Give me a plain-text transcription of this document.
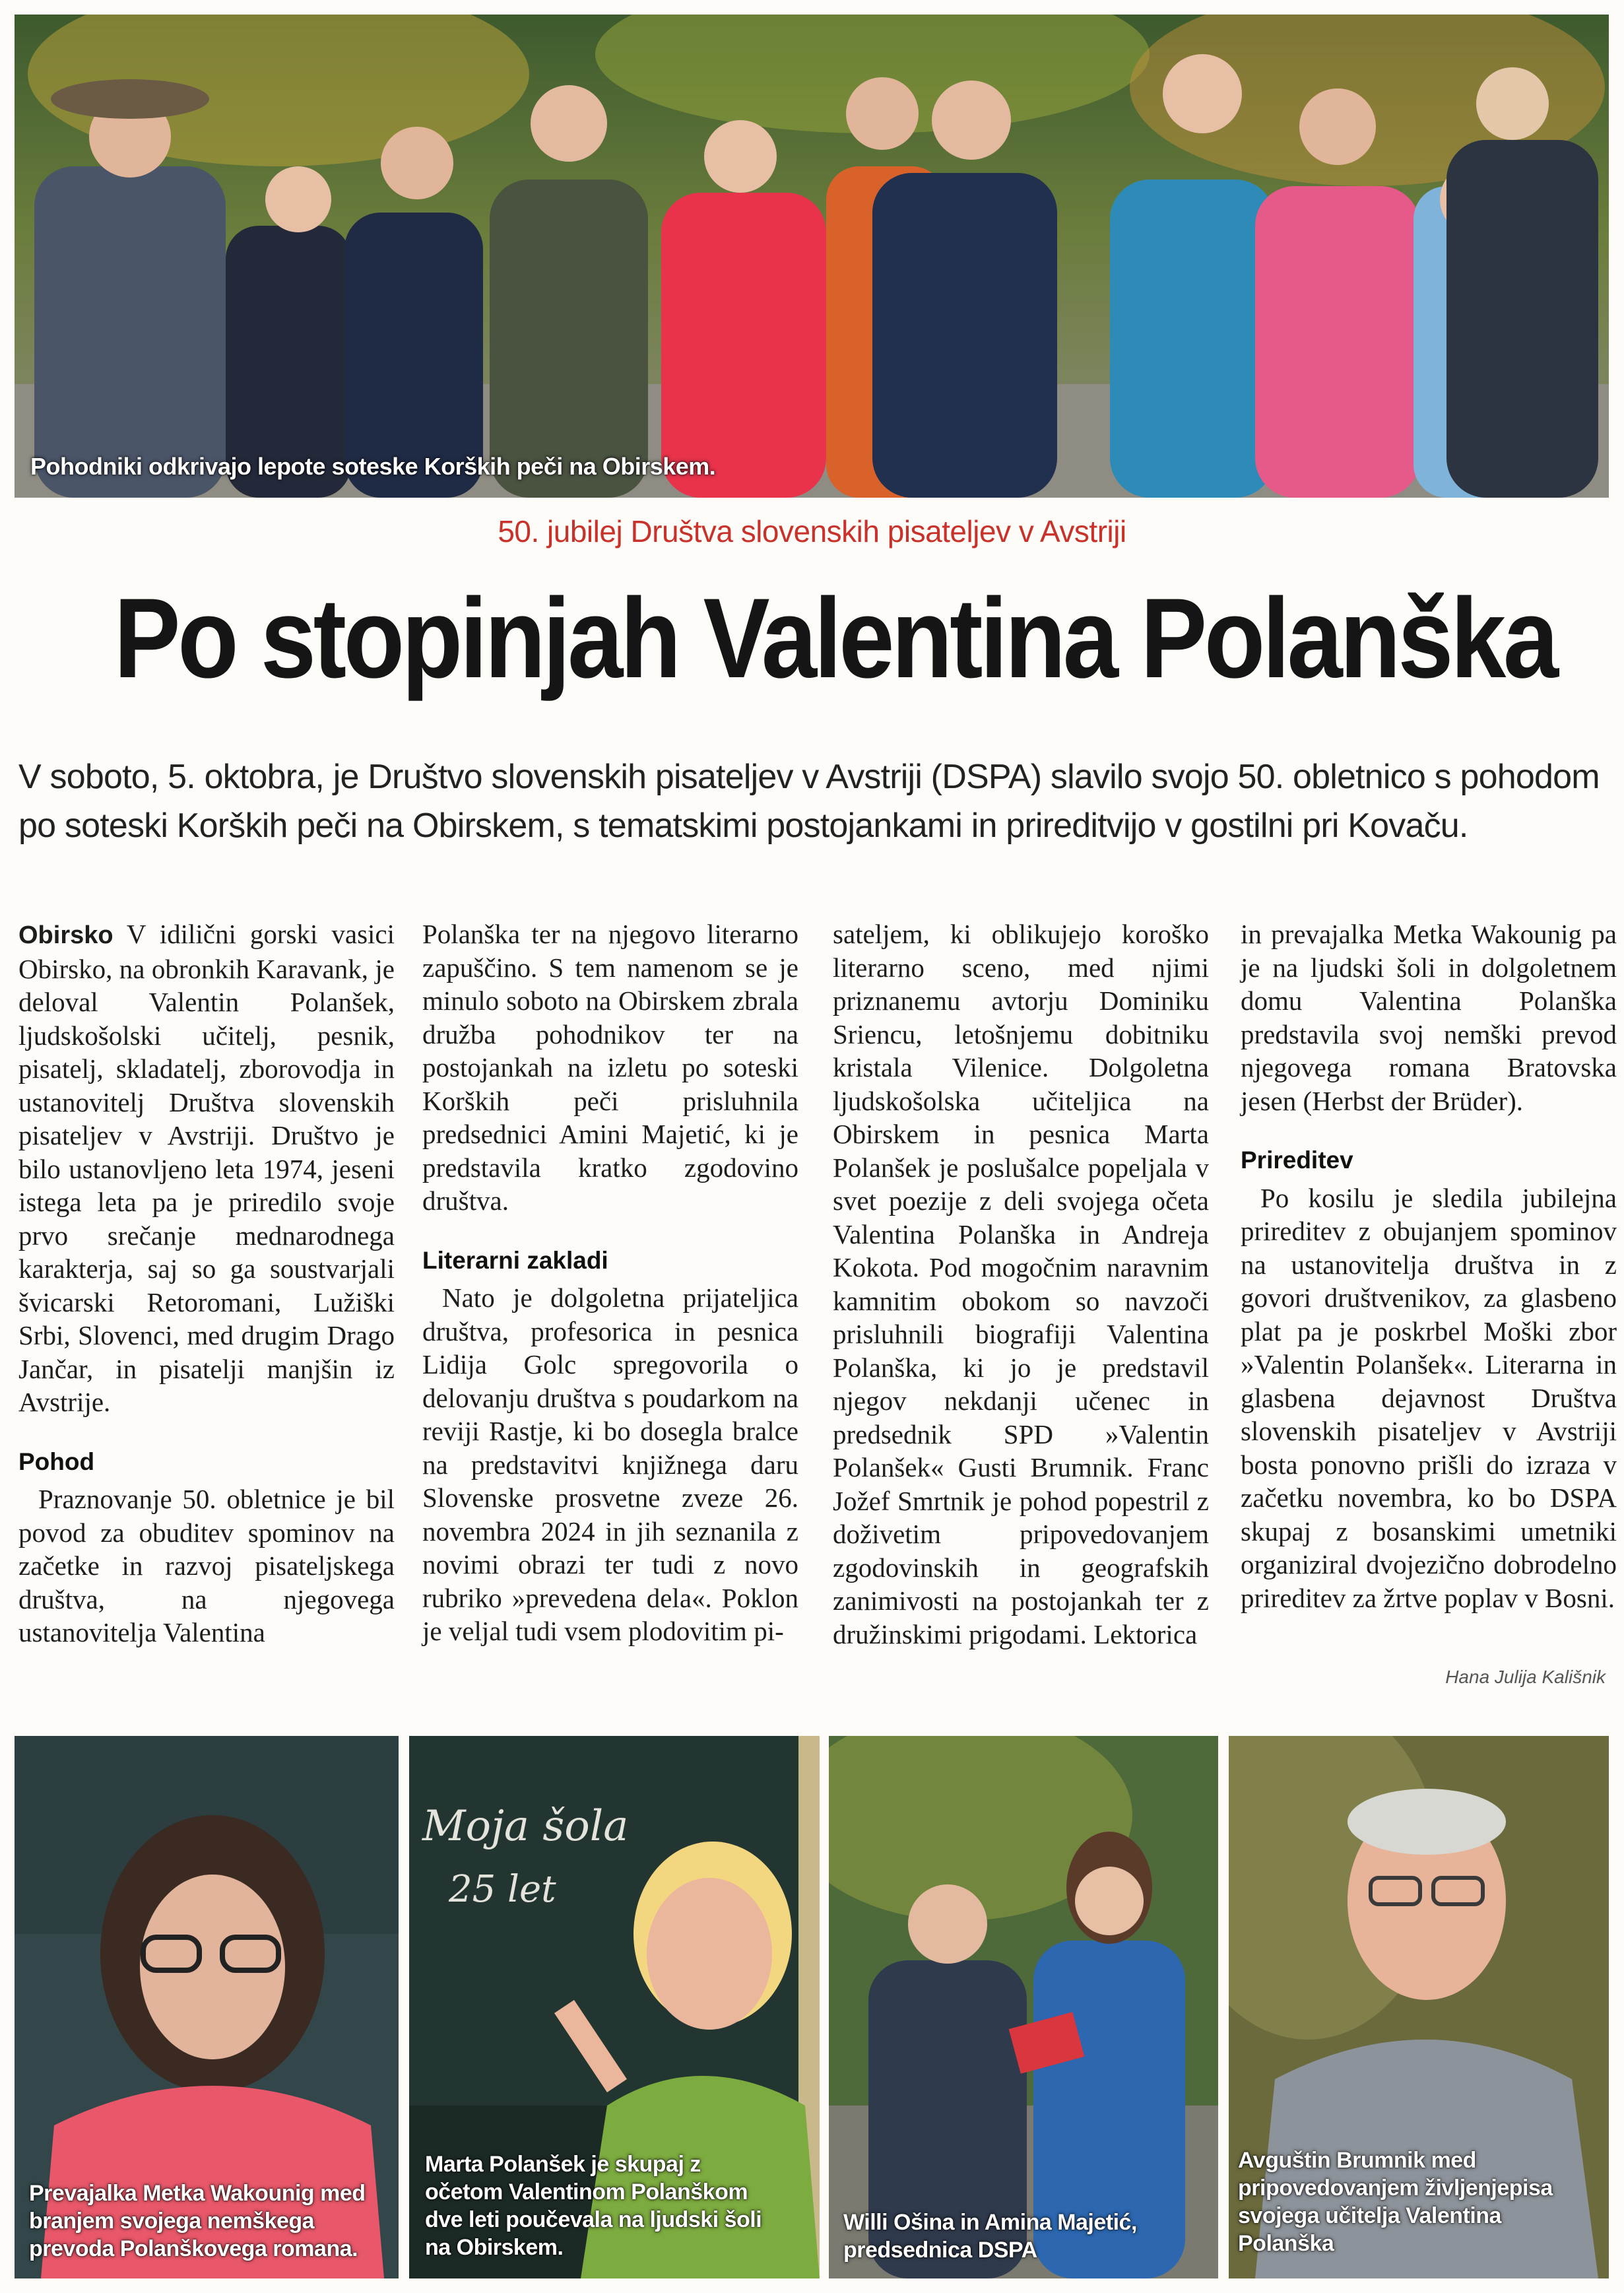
Pohodniki odkrivajo lepote soteske Korških peči na Obirskem.
50. jubilej Društva slovenskih pisateljev v Avstriji
Po stopinjah Valentina Polanška
V soboto, 5. oktobra, je Društvo slovenskih pisateljev v Avstriji (DSPA) slavilo svojo 50. obletnico s pohodom po soteski Korških peči na Obirskem, s tematskimi postojankami in prireditvijo v gostilni pri Kovaču.

Obirsko V idilični gorski vasici Obirsko, na obronkih Karavank, je deloval Valentin Polanšek, ljudskošolski učitelj, pesnik, pisatelj, skladatelj, zborovodja in ustanovitelj Društva slovenskih pisateljev v Avstriji. Društvo je bilo ustanovljeno leta 1974, jeseni istega leta pa je priredilo svoje prvo srečanje mednarodnega karakterja, saj so ga soustvarjali švicarski Retoromani, Lužiški Srbi, Slovenci, med drugim Drago Jančar, in pisatelji manjšin iz Avstrije.

Pohod

Praznovanje 50. obletnice je bil povod za obuditev spominov na začetke in razvoj pisateljskega društva, na njegovega ustanovitelja Valentina

Polanška ter na njegovo literarno zapuščino. S tem namenom se je minulo soboto na Obirskem zbrala družba pohodnikov ter na postojankah na izletu po soteski Korških peči prisluhnila predsednici Amini Majetić, ki je predstavila kratko zgodovino društva.

Literarni zakladi

Nato je dolgoletna prijateljica društva, profesorica in pesnica Lidija Golc spregovorila o delovanju društva s poudarkom na reviji Rastje, ki bo dosegla bralce na predstavitvi knjižnega daru Slovenske prosvetne zveze 26. novembra 2024 in jih seznanila z novimi obrazi ter tudi z novo rubriko »prevedena dela«. Poklon je veljal tudi vsem plodovitim pi-

sateljem, ki oblikujejo koroško literarno sceno, med njimi priznanemu avtorju Dominiku Sriencu, letošnjemu dobitniku kristala Vilenice. Dolgoletna ljudskošolska učiteljica na Obirskem in pesnica Marta Polanšek je poslušalce popeljala v svet poezije z deli svojega očeta Valentina Polanška in Andreja Kokota. Pod mogočnim naravnim kamnitim obokom so navzoči prisluhnili biografiji Valentina Polanška, ki jo je predstavil njegov nekdanji učenec in predsednik SPD »Valentin Polanšek« Gusti Brumnik. Franc Jožef Smrtnik je pohod popestril z doživetim pripovedovanjem zgodovinskih in geografskih zanimivosti na postojankah ter z družinskimi prigodami. Lektorica

in prevajalka Metka Wakounig pa je na ljudski šoli in dolgoletnem domu Valentina Polanška predstavila svoj nemški prevod njegovega romana Bratovska jesen (Herbst der Brüder).

Prireditev

Po kosilu je sledila jubilejna prireditev z obujanjem spominov na ustanovitelja društva in z govori društvenikov, za glasbeno plat pa je poskrbel Moški zbor »Valentin Polanšek«. Literarna in glasbena dejavnost Društva slovenskih pisateljev v Avstriji bosta ponovno prišli do izraza v začetku novembra, ko bo DSPA skupaj z bosanskimi umetniki organiziral dvojezično dobrodelno prireditev za žrtve poplav v Bosni.

Hana Julija Kališnik
Prevajalka Metka Wakounig med branjem svojega nemškega prevoda Polanškovega romana.
Moja šola
25 let
Marta Polanšek je skupaj z očetom Valentinom Polanškom dve leti poučevala na ljudski šoli na Obirskem.
Willi Ošina in Amina Majetić, predsednica DSPA
Avguštin Brumnik med pripovedovanjem življenjepisa svojega učitelja Valentina Polanška
